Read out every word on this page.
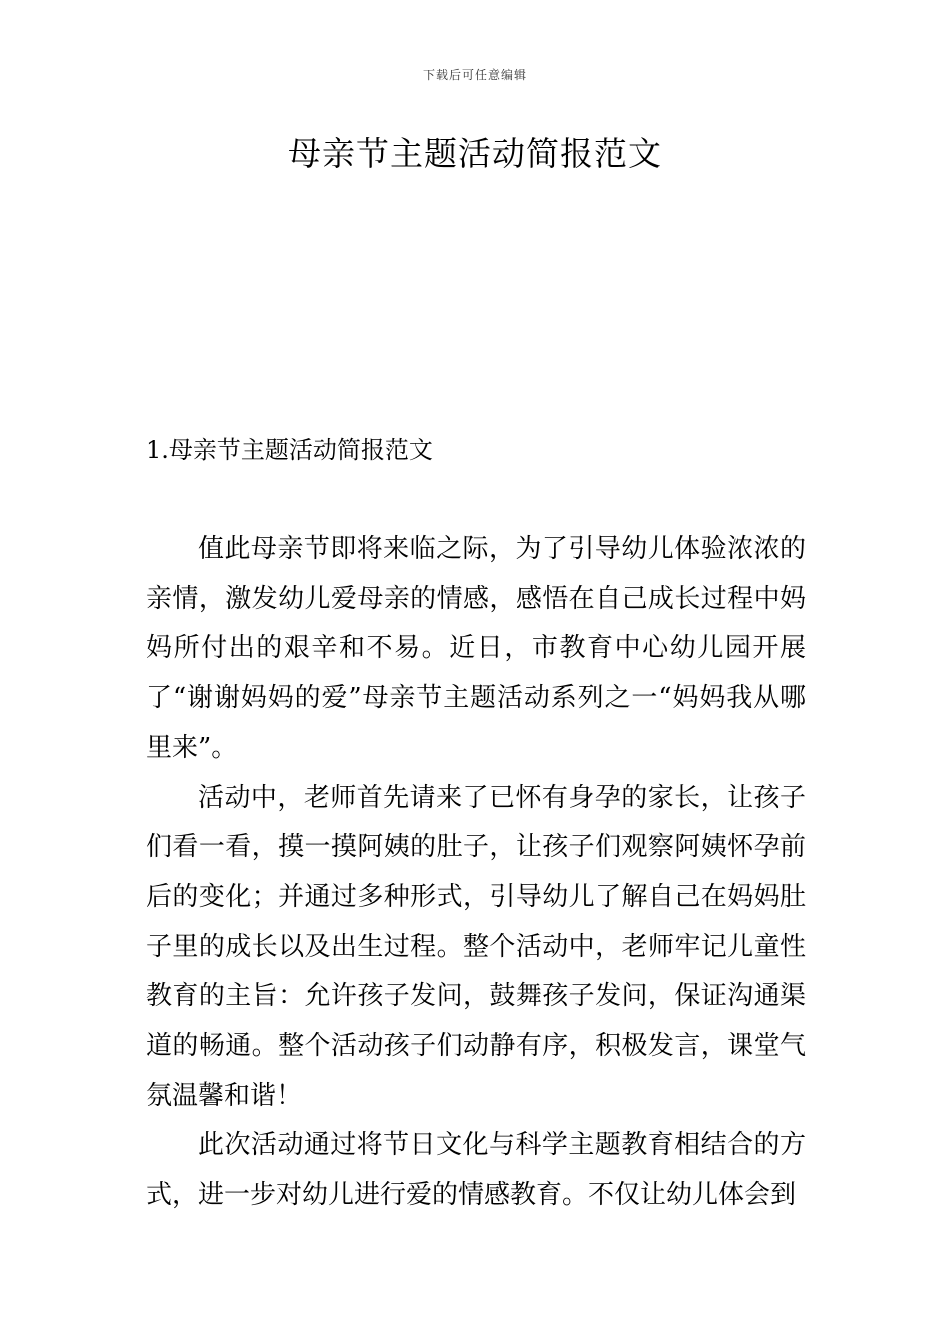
下载后可任意编辑
母亲节主题活动简报范文
1.母亲节主题活动简报范文

值此母亲节即将来临之际，为了引导幼儿体验浓浓的亲情，激发幼儿爱母亲的情感，感悟在自己成长过程中妈妈所付出的艰辛和不易。近日，市教育中心幼儿园开展了“谢谢妈妈的爱”母亲节主题活动系列之一“妈妈我从哪里来”。

活动中，老师首先请来了已怀有身孕的家长，让孩子们看一看，摸一摸阿姨的肚子，让孩子们观察阿姨怀孕前后的变化；并通过多种形式，引导幼儿了解自己在妈妈肚子里的成长以及出生过程。整个活动中，老师牢记儿童性教育的主旨：允许孩子发问，鼓舞孩子发问，保证沟通渠道的畅通。整个活动孩子们动静有序，积极发言，课堂气氛温馨和谐！

此次活动通过将节日文化与科学主题教育相结合的方式，进一步对幼儿进行爱的情感教育。不仅让幼儿体会到
